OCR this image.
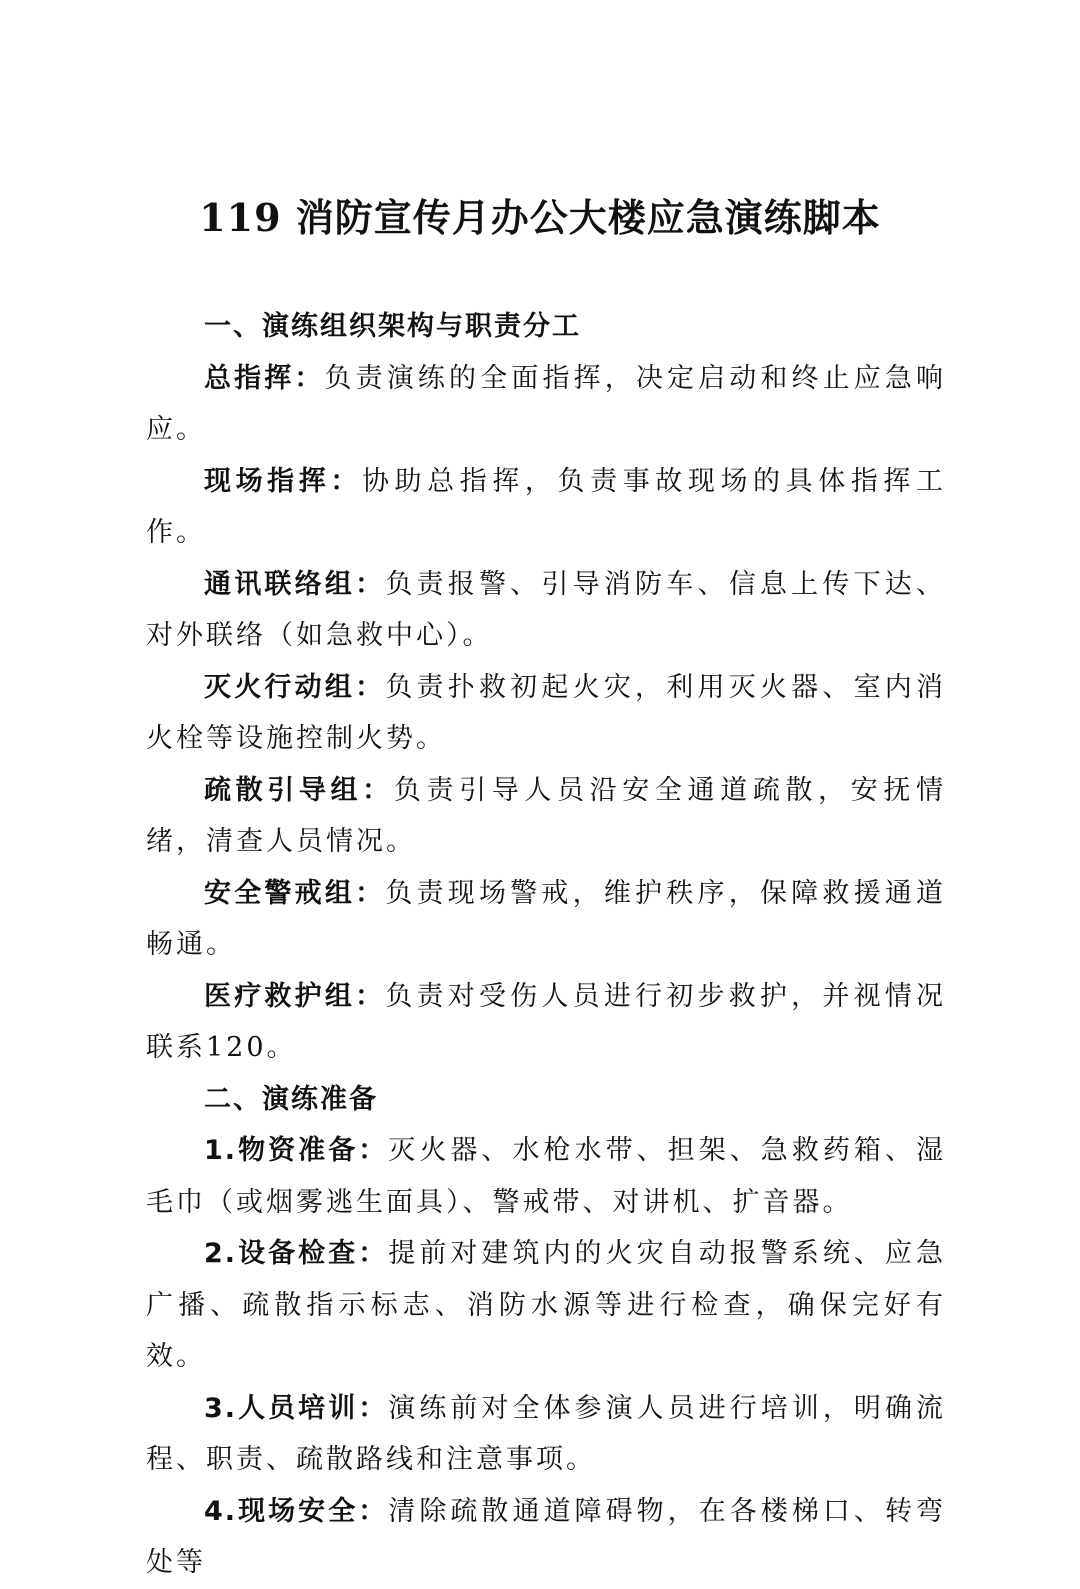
119 消防宣传月办公大楼应急演练脚本

一、演练组织架构与职责分工

总指挥：负责演练的全面指挥，决定启动和终止应急响应。

现场指挥：协助总指挥，负责事故现场的具体指挥工作。

通讯联络组：负责报警、引导消防车、信息上传下达、对外联络（如急救中心）。

灭火行动组：负责扑救初起火灾，利用灭火器、室内消火栓等设施控制火势。

疏散引导组：负责引导人员沿安全通道疏散，安抚情绪，清查人员情况。

安全警戒组：负责现场警戒，维护秩序，保障救援通道畅通。

医疗救护组：负责对受伤人员进行初步救护，并视情况联系120。

二、演练准备

1.物资准备：灭火器、水枪水带、担架、急救药箱、湿毛巾（或烟雾逃生面具）、警戒带、对讲机、扩音器。

2.设备检查：提前对建筑内的火灾自动报警系统、应急广播、疏散指示标志、消防水源等进行检查，确保完好有效。

3.人员培训：演练前对全体参演人员进行培训，明确流程、职责、疏散路线和注意事项。

4.现场安全：清除疏散通道障碍物，在各楼梯口、转弯处等
